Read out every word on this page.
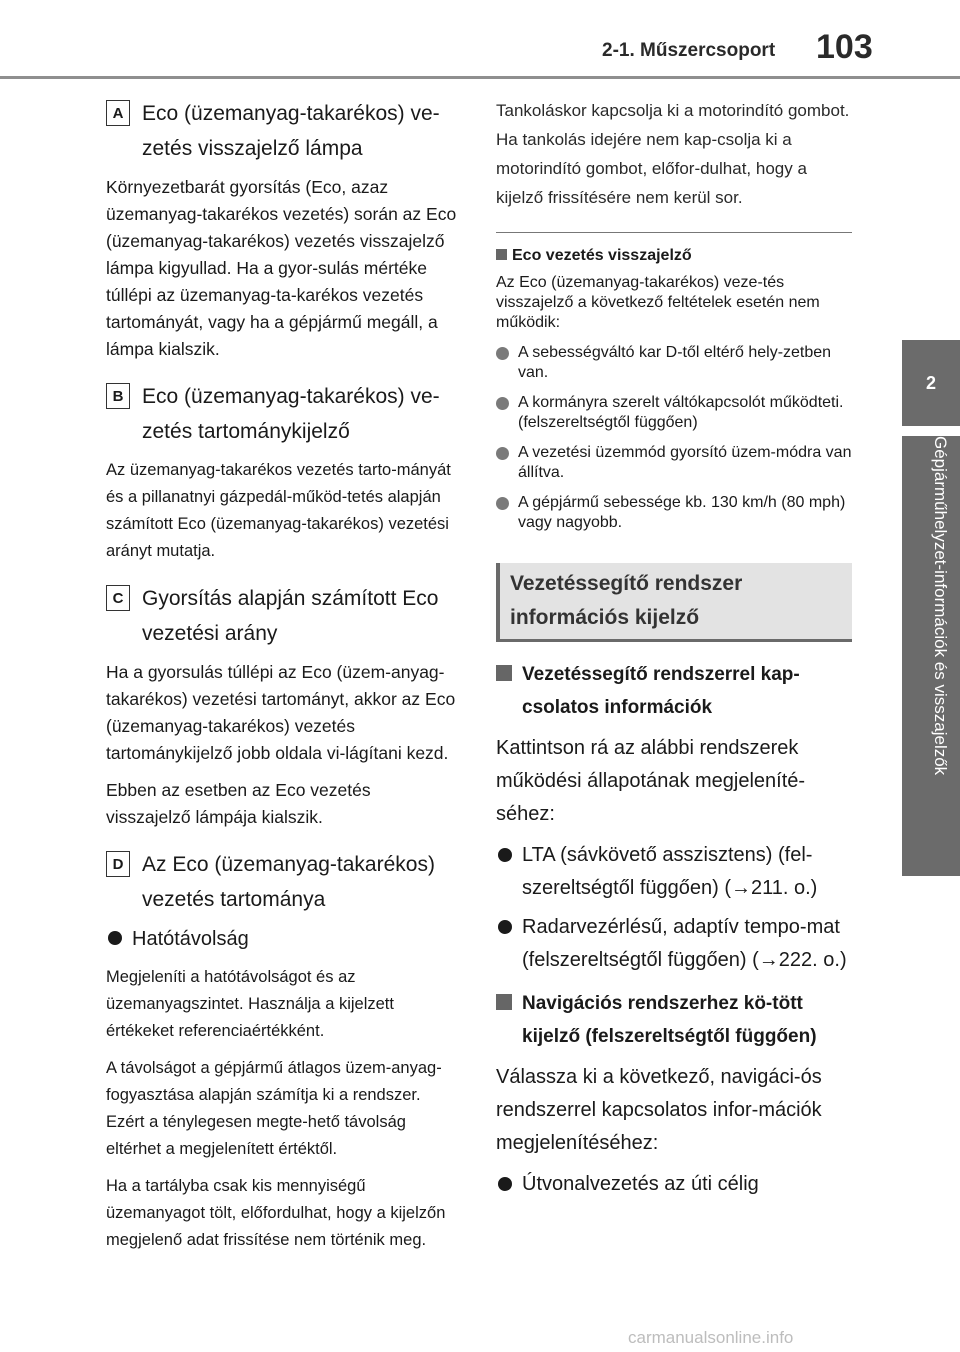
2-1. Műszercsoport 103
2
Gépjárműhelyzet-információk és visszajelzők
A Eco (üzemanyag-takarékos) ve-zetés visszajelző lámpa

Környezetbarát gyorsítás (Eco, azaz üzemanyag-takarékos vezetés) során az Eco (üzemanyag-takarékos) vezetés visszajelző lámpa kigyullad. Ha a gyor-sulás mértéke túllépi az üzemanyag-ta-karékos vezetés tartományát, vagy ha a gépjármű megáll, a lámpa kialszik.

B Eco (üzemanyag-takarékos) ve-zetés tartománykijelző

Az üzemanyag-takarékos vezetés tarto-mányát és a pillanatnyi gázpedál-működ-tetés alapján számított Eco (üzemanyag-takarékos) vezetési arányt mutatja.

C Gyorsítás alapján számított Eco vezetési arány

Ha a gyorsulás túllépi az Eco (üzem-anyag-takarékos) vezetési tartományt, akkor az Eco (üzemanyag-takarékos) vezetés tartománykijelző jobb oldala vi-lágítani kezd.

Ebben az esetben az Eco vezetés visszajelző lámpája kialszik.

D Az Eco (üzemanyag-takarékos) vezetés tartománya
Hatótávolság

Megjeleníti a hatótávolságot és az üzemanyagszintet. Használja a kijelzett értékeket referenciaértékként.

A távolságot a gépjármű átlagos üzem-anyag-fogyasztása alapján számítja ki a rendszer. Ezért a ténylegesen megte-hető távolság eltérhet a megjelenített értéktől.

Ha a tartályba csak kis mennyiségű üzemanyagot tölt, előfordulhat, hogy a kijelzőn megjelenő adat frissítése nem történik meg.

Tankoláskor kapcsolja ki a motorindító gombot. Ha tankolás idejére nem kap-csolja ki a motorindító gombot, előfor-dulhat, hogy a kijelző frissítésére nem kerül sor.

Eco vezetés visszajelző

Az Eco (üzemanyag-takarékos) veze-tés visszajelző a következő feltételek esetén nem működik:

A sebességváltó kar D-től eltérő hely-zetben van.
A kormányra szerelt váltókapcsolót működteti. (felszereltségtől függően)
A vezetési üzemmód gyorsító üzem-módra van állítva.
A gépjármű sebessége kb. 130 km/h (80 mph) vagy nagyobb.
Vezetéssegítő rendszer információs kijelző
Vezetéssegítő rendszerrel kap-csolatos információk

Kattintson rá az alábbi rendszerek működési állapotának megjeleníté-séhez:

LTA (sávkövető asszisztens) (fel-szereltségtől függően) (→211. o.)
Radarvezérlésű, adaptív tempo-mat (felszereltségtől függően) (→222. o.)
Navigációs rendszerhez kö-tött kijelző (felszereltségtől függően)

Válassza ki a következő, navigáci-ós rendszerrel kapcsolatos infor-mációk megjelenítéséhez:

Útvonalvezetés az úti célig
carmanualsonline.info
